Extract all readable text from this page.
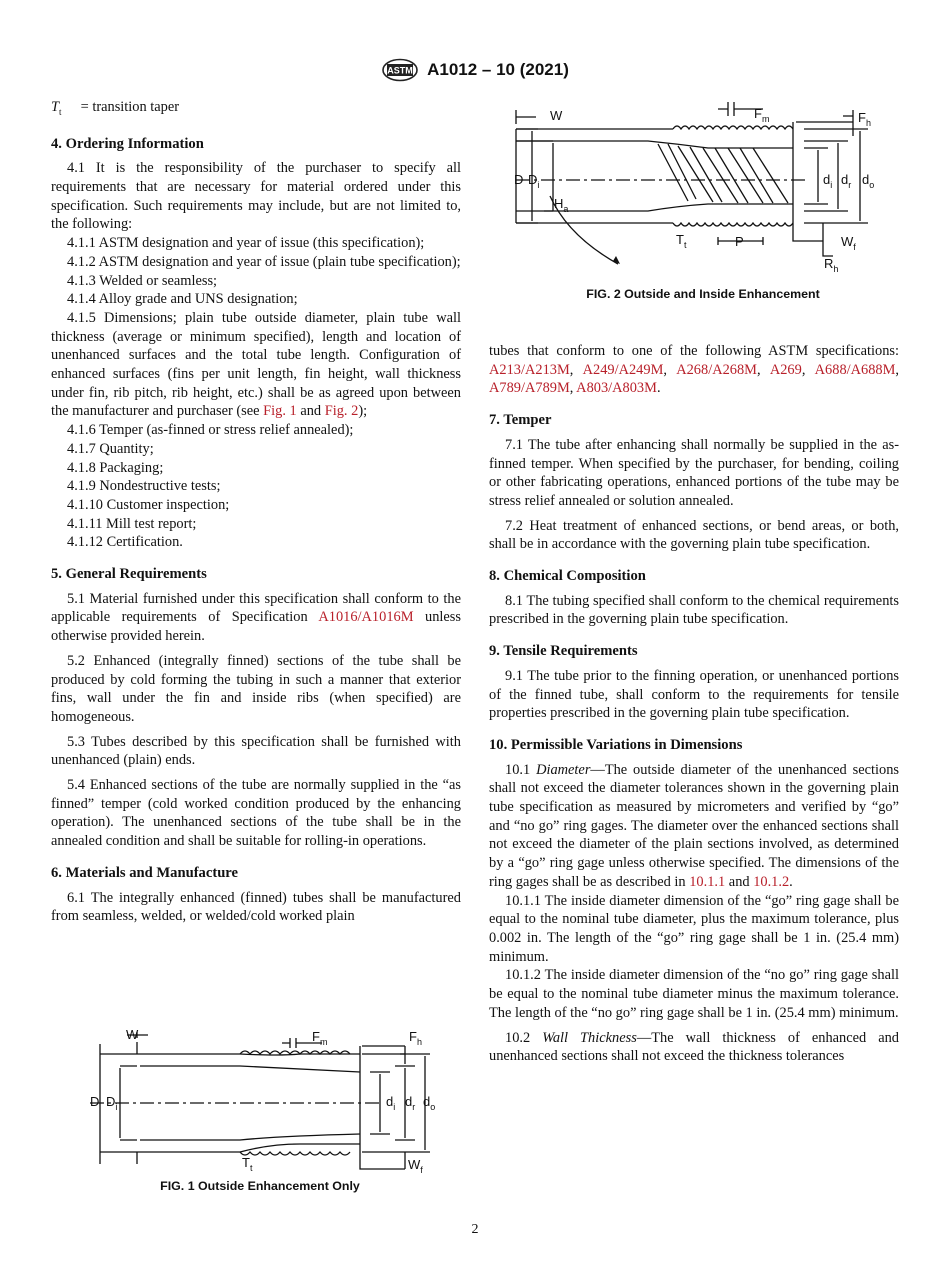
ASTM A1012 – 10 (2021)

$T_t$ = transition taper

4. Ordering Information

4.1 It is the responsibility of the purchaser to specify all requirements that are necessary for material ordered under this specification. Such requirements may include, but are not limited to, the following:

4.1.1 ASTM designation and year of issue (this specification);

4.1.2 ASTM designation and year of issue (plain tube specification);

4.1.3 Welded or seamless;

4.1.4 Alloy grade and UNS designation;

4.1.5 Dimensions; plain tube outside diameter, plain tube wall thickness (average or minimum specified), length and location of unenhanced surfaces and the total tube length. Configuration of enhanced surfaces (fins per unit length, fin height, wall thickness under fin, rib pitch, rib height, etc.) shall be as agreed upon between the manufacturer and purchaser (see Fig. 1 and Fig. 2);

4.1.6 Temper (as-finned or stress relief annealed);

4.1.7 Quantity;

4.1.8 Packaging;

4.1.9 Nondestructive tests;

4.1.10 Customer inspection;

4.1.11 Mill test report;

4.1.12 Certification.

5. General Requirements

5.1 Material furnished under this specification shall conform to the applicable requirements of Specification A1016/A1016M unless otherwise provided herein.

5.2 Enhanced (integrally finned) sections of the tube shall be produced by cold forming the tubing in such a manner that exterior fins, wall under the fin and inside ribs (when specified) are homogeneous.

5.3 Tubes described by this specification shall be furnished with unenhanced (plain) ends.

5.4 Enhanced sections of the tube are normally supplied in the “as finned” temper (cold worked condition produced by the enhancing operation). The unenhanced sections of the tube shall be in the annealed condition and shall be suitable for rolling-in operations.

6. Materials and Manufacture

6.1 The integrally enhanced (finned) tubes shall be manufactured from seamless, welded, or welded/cold worked plain

D $D_i$
W	$F_m$	$F_h$
$d_i$ $d_r$ $d_o$
$T_t$	$W_f$
FIG. 1 Outside Enhancement Only
W
D $D_i$
$H_a$
$F_m$	$F_h$
$d_i$ $d_r$ $d_o$
$T_t$	P	$W_f$
$R_h$
FIG. 2 Outside and Inside Enhancement

tubes that conform to one of the following ASTM specifications: A213/A213M, A249/A249M, A268/A268M, A269, A688/A688M, A789/A789M, A803/A803M.

7. Temper

7.1 The tube after enhancing shall normally be supplied in the as-finned temper. When specified by the purchaser, for bending, coiling or other fabricating operations, enhanced portions of the tube may be stress relief annealed or solution annealed.

7.2 Heat treatment of enhanced sections, or bend areas, or both, shall be in accordance with the governing plain tube specification.

8. Chemical Composition

8.1 The tubing specified shall conform to the chemical requirements prescribed in the governing plain tube specification.

9. Tensile Requirements

9.1 The tube prior to the finning operation, or unenhanced portions of the finned tube, shall conform to the requirements for tensile properties prescribed in the governing plain tube specification.

10. Permissible Variations in Dimensions

10.1 Diameter—The outside diameter of the unenhanced sections shall not exceed the diameter tolerances shown in the governing plain tube specification as measured by micrometers and verified by “go” and “no go” ring gages. The diameter over the enhanced sections shall not exceed the diameter of the plain sections involved, as determined by a “go” ring gage unless otherwise specified. The dimensions of the ring gages shall be as described in 10.1.1 and 10.1.2.

10.1.1 The inside diameter dimension of the “go” ring gage shall be equal to the nominal tube diameter, plus the maximum tolerance, plus 0.002 in. The length of the “go” ring gage shall be 1 in. (25.4 mm) minimum.

10.1.2 The inside diameter dimension of the “no go” ring gage shall be equal to the nominal tube diameter minus the maximum tolerance. The length of the “no go” ring gage shall be 1 in. (25.4 mm) minimum.

10.2 Wall Thickness—The wall thickness of enhanced and unenhanced sections shall not exceed the thickness tolerances

2
